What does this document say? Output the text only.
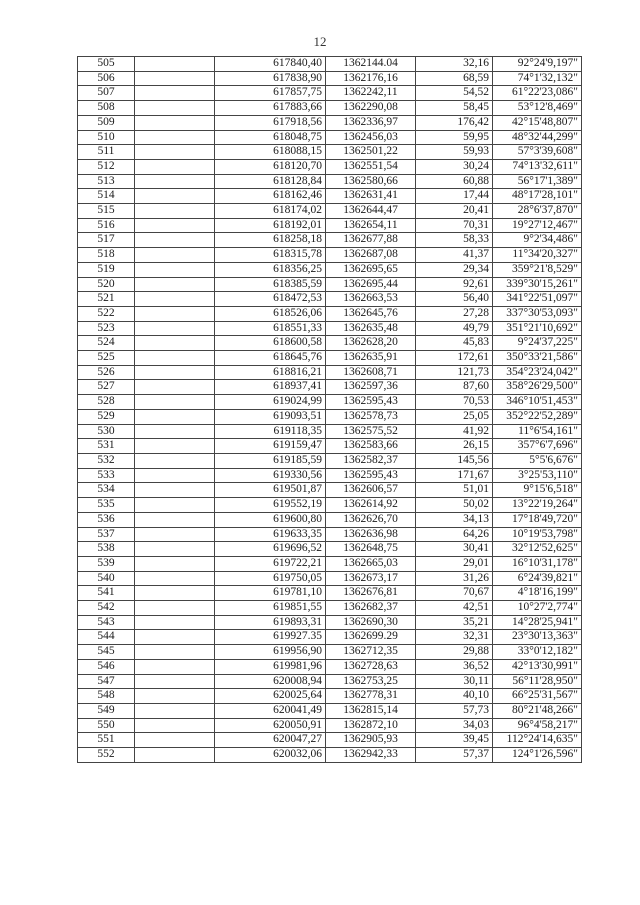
12
505		617840,40	1362144.04	32,16	92°24'9,197"
506		617838,90	1362176,16	68,59	74°1'32,132"
507		617857,75	1362242,11	54,52	61°22'23,086"
508		617883,66	1362290,08	58,45	53°12'8,469"
509		617918,56	1362336,97	176,42	42°15'48,807"
510		618048,75	1362456,03	59,95	48°32'44,299"
511		618088,15	1362501,22	59,93	57°3'39,608"
512		618120,70	1362551,54	30,24	74°13'32,611"
513		618128,84	1362580,66	60,88	56°17'1,389"
514		618162,46	1362631,41	17,44	48°17'28,101"
515		618174,02	1362644,47	20,41	28°6'37,870"
516		618192,01	1362654,11	70,31	19°27'12,467"
517		618258,18	1362677,88	58,33	9°2'34,486"
518		618315,78	1362687,08	41,37	11°34'20,327"
519		618356,25	1362695,65	29,34	359°21'8,529"
520		618385,59	1362695,44	92,61	339°30'15,261"
521		618472,53	1362663,53	56,40	341°22'51,097"
522		618526,06	1362645,76	27,28	337°30'53,093"
523		618551,33	1362635,48	49,79	351°21'10,692"
524		618600,58	1362628,20	45,83	9°24'37,225"
525		618645,76	1362635,91	172,61	350°33'21,586"
526		618816,21	1362608,71	121,73	354°23'24,042"
527		618937,41	1362597,36	87,60	358°26'29,500"
528		619024,99	1362595,43	70,53	346°10'51,453"
529		619093,51	1362578,73	25,05	352°22'52,289"
530		619118,35	1362575,52	41,92	11°6'54,161"
531		619159,47	1362583,66	26,15	357°6'7,696"
532		619185,59	1362582,37	145,56	5°5'6,676"
533		619330,56	1362595,43	171,67	3°25'53,110"
534		619501,87	1362606,57	51,01	9°15'6,518"
535		619552,19	1362614,92	50,02	13°22'19,264"
536		619600,80	1362626,70	34,13	17°18'49,720"
537		619633,35	1362636,98	64,26	10°19'53,798"
538		619696,52	1362648,75	30,41	32°12'52,625"
539		619722,21	1362665,03	29,01	16°10'31,178"
540		619750,05	1362673,17	31,26	6°24'39,821"
541		619781,10	1362676,81	70,67	4°18'16,199"
542		619851,55	1362682,37	42,51	10°27'2,774"
543		619893,31	1362690,30	35,21	14°28'25,941"
544		619927.35	1362699.29	32,31	23°30'13,363"
545		619956,90	1362712,35	29,88	33°0'12,182"
546		619981,96	1362728,63	36,52	42°13'30,991"
547		620008,94	1362753,25	30,11	56°11'28,950"
548		620025,64	1362778,31	40,10	66°25'31,567"
549		620041,49	1362815,14	57,73	80°21'48,266"
550		620050,91	1362872,10	34,03	96°4'58,217"
551		620047,27	1362905,93	39,45	112°24'14,635"
552		620032,06	1362942,33	57,37	124°1'26,596"
